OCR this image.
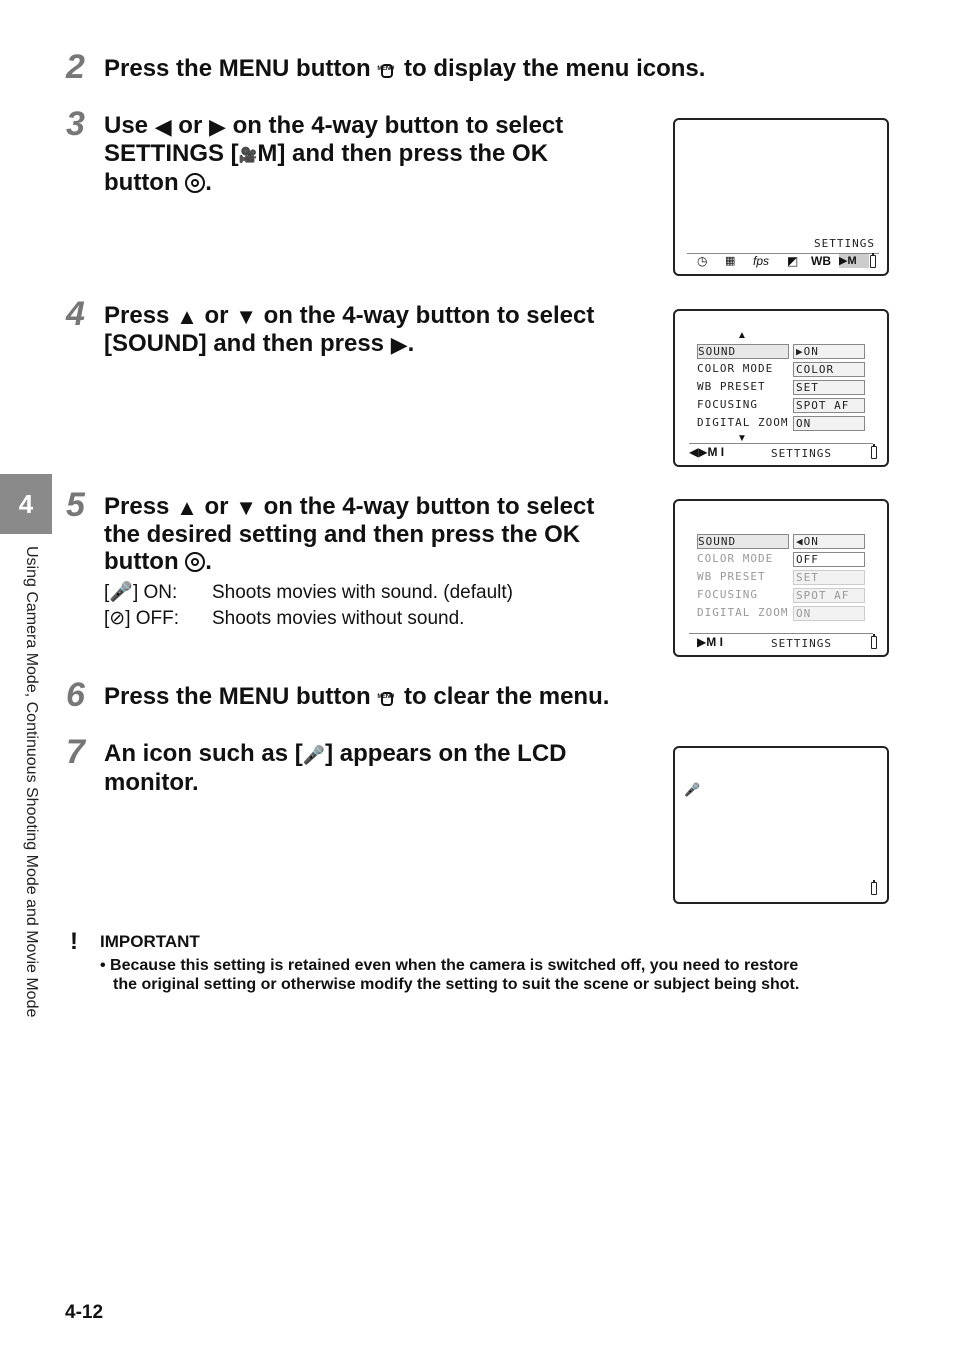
4
Using Camera Mode, Continuous Shooting Mode and Movie Mode
2 Press the MENU button MENU to display the menu icons.
3 Use ◀ or ▶ on the 4-way button to select
SETTINGS [🎥M] and then press the OK
button .
SETTINGS
◷ ▦ fps ◩ WB ▶M
4 Press ▲ or ▼ on the 4-way button to select
[SOUND] and then press ▶.	▲
SOUND	▶ON
COLOR MODE	COLOR
WB PRESET	SET
FOCUSING	SPOT AF
DIGITAL ZOOM ON
▼
◀▶M I	SETTINGS
5 Press ▲ or ▼ on the 4-way button to select
the desired setting and then press the OK
button .
[🎤] ON: Shoots movies with sound. (default)
[⊘] OFF: Shoots movies without sound.
SOUND	◀ON
COLOR MODE	OFF
WB PRESET	SET
FOCUSING	SPOT AF
DIGITAL ZOOM ON
▶M I	SETTINGS
6 Press the MENU button MENU to clear the menu.
7 An icon such as [🎤] appears on the LCD
monitor.	🎤
! IMPORTANT
• Because this setting is retained even when the camera is switched off, you need to restore
the original setting or otherwise modify the setting to suit the scene or subject being shot.
4-12
